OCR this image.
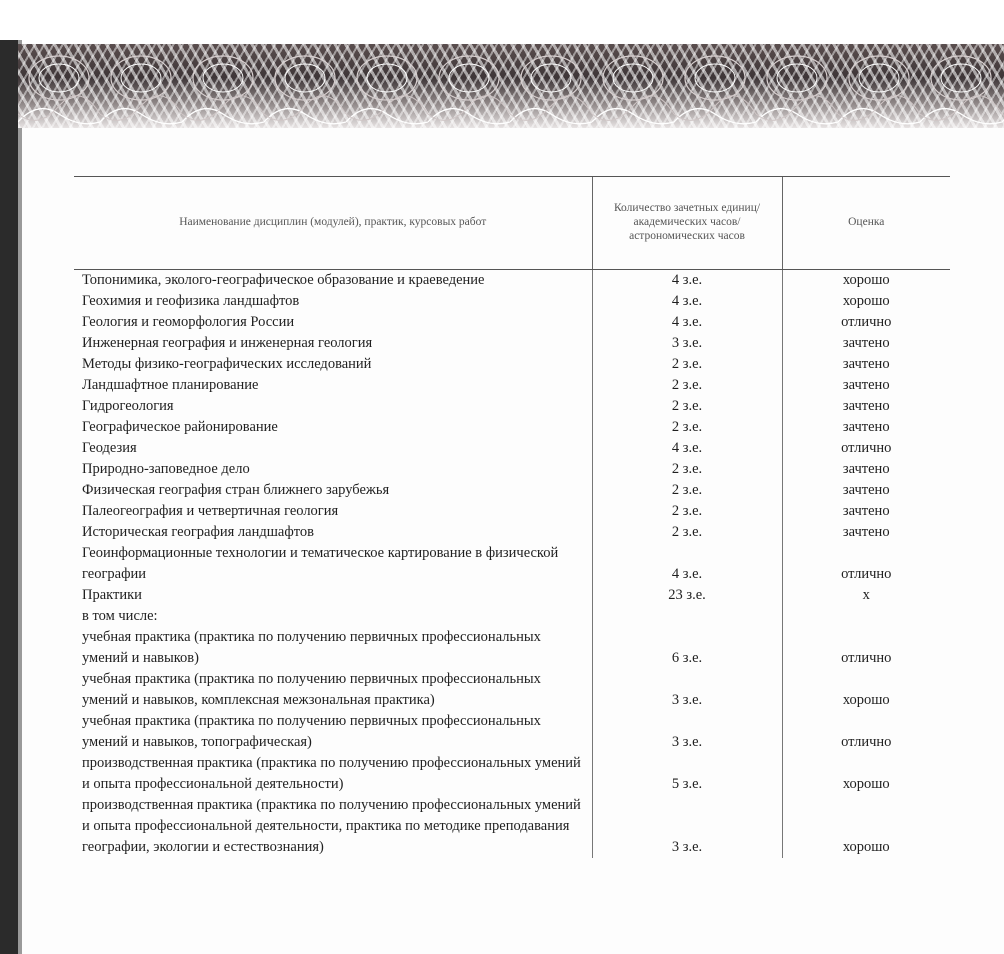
Наименование дисциплин (модулей), практик, курсовых работ	Количество зачетных единиц/академических часов/астрономических часов	Оценка
Топонимика, эколого-географическое образование и краеведение	4 з.е.	хорошо
Геохимия и геофизика ландшафтов	4 з.е.	хорошо
Геология и геоморфология России	4 з.е.	отлично
Инженерная география и инженерная геология	3 з.е.	зачтено
Методы физико-географических исследований	2 з.е.	зачтено
Ландшафтное планирование	2 з.е.	зачтено
Гидрогеология	2 з.е.	зачтено
Географическое районирование	2 з.е.	зачтено
Геодезия	4 з.е.	отлично
Природно-заповедное дело	2 з.е.	зачтено
Физическая география стран ближнего зарубежья	2 з.е.	зачтено
Палеогеография и четвертичная геология	2 з.е.	зачтено
Историческая география ландшафтов	2 з.е.	зачтено
Геоинформационные технологии и тематическое картирование в физической географии	4 з.е.	отлично
Практики	23 з.е.	х
в том числе:		
учебная практика (практика по получению первичных профессиональных умений и навыков)	6 з.е.	отлично
учебная практика (практика по получению первичных профессиональных умений и навыков, комплексная межзональная практика)	3 з.е.	хорошо
учебная практика (практика по получению первичных профессиональных умений и навыков, топографическая)	3 з.е.	отлично
производственная практика (практика по получению профессиональных умений и опыта профессиональной деятельности)	5 з.е.	хорошо
производственная практика (практика по получению профессиональных умений и опыта профессиональной деятельности, практика по методике преподавания географии, экологии и естествознания)	3 з.е.	хорошо
